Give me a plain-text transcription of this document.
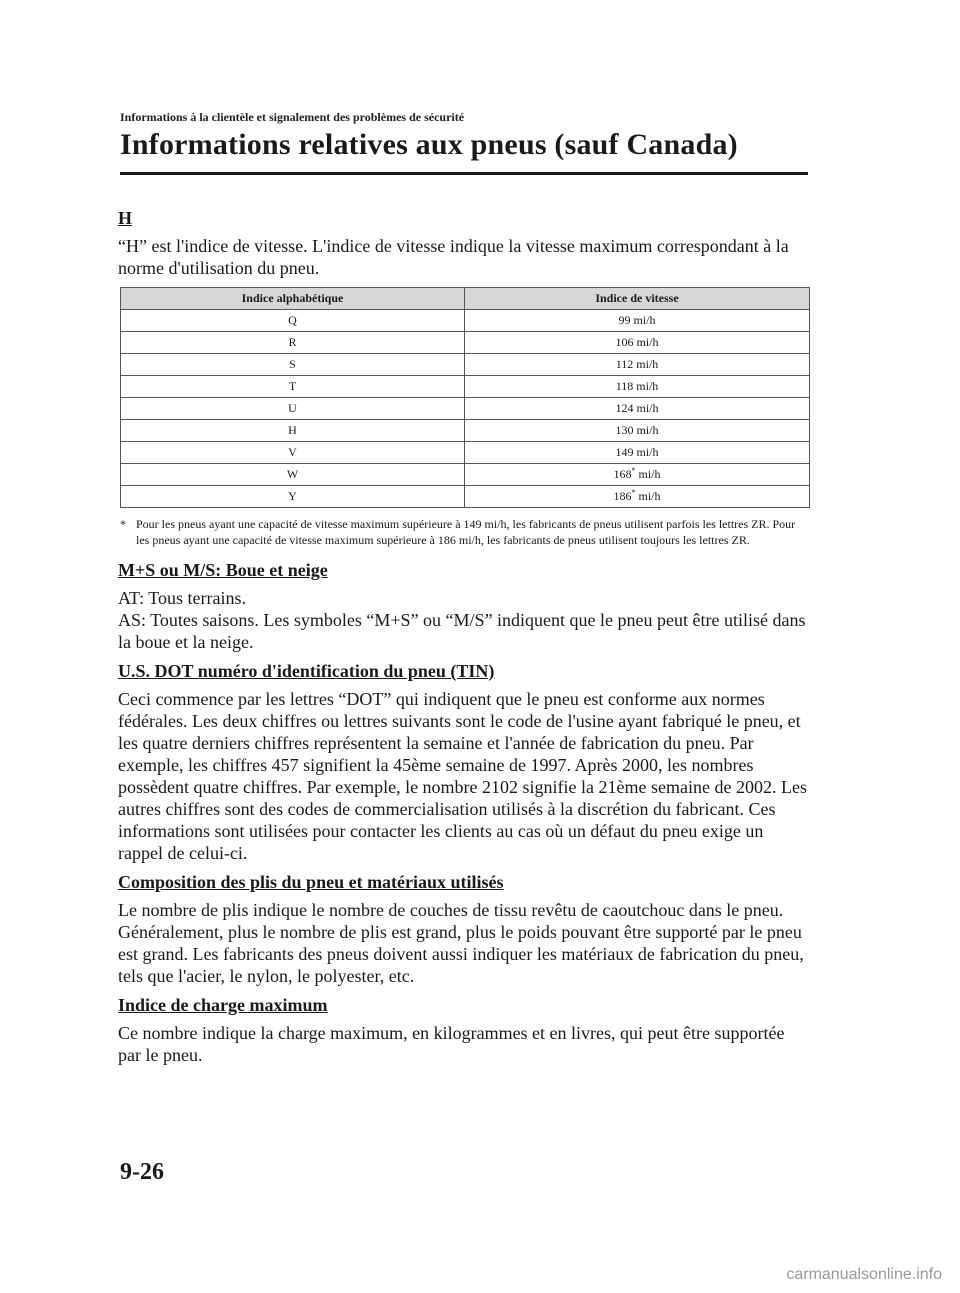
Informations à la clientèle et signalement des problèmes de sécurité
Informations relatives aux pneus (sauf Canada)
H

“H” est l'indice de vitesse. L'indice de vitesse indique la vitesse maximum correspondant à la norme d'utilisation du pneu.

Indice alphabétique	Indice de vitesse
Q	99 mi/h
R	106 mi/h
S	112 mi/h
T	118 mi/h
U	124 mi/h
H	130 mi/h
V	149 mi/h
W	168* mi/h
Y	186* mi/h
* Pour les pneus ayant une capacité de vitesse maximum supérieure à 149 mi/h, les fabricants de pneus utilisent parfois les lettres ZR. Pour les pneus ayant une capacité de vitesse maximum supérieure à 186 mi/h, les fabricants de pneus utilisent toujours les lettres ZR.
M+S ou M/S: Boue et neige

AT: Tous terrains.

AS: Toutes saisons. Les symboles “M+S” ou “M/S” indiquent que le pneu peut être utilisé dans la boue et la neige.

U.S. DOT numéro d'identification du pneu (TIN)

Ceci commence par les lettres “DOT” qui indiquent que le pneu est conforme aux normes fédérales. Les deux chiffres ou lettres suivants sont le code de l'usine ayant fabriqué le pneu, et les quatre derniers chiffres représentent la semaine et l'année de fabrication du pneu. Par exemple, les chiffres 457 signifient la 45ème semaine de 1997. Après 2000, les nombres possèdent quatre chiffres. Par exemple, le nombre 2102 signifie la 21ème semaine de 2002. Les autres chiffres sont des codes de commercialisation utilisés à la discrétion du fabricant. Ces informations sont utilisées pour contacter les clients au cas où un défaut du pneu exige un rappel de celui-ci.

Composition des plis du pneu et matériaux utilisés

Le nombre de plis indique le nombre de couches de tissu revêtu de caoutchouc dans le pneu. Généralement, plus le nombre de plis est grand, plus le poids pouvant être supporté par le pneu est grand. Les fabricants des pneus doivent aussi indiquer les matériaux de fabrication du pneu, tels que l'acier, le nylon, le polyester, etc.

Indice de charge maximum

Ce nombre indique la charge maximum, en kilogrammes et en livres, qui peut être supportée par le pneu.

9-26
carmanualsonline.info
